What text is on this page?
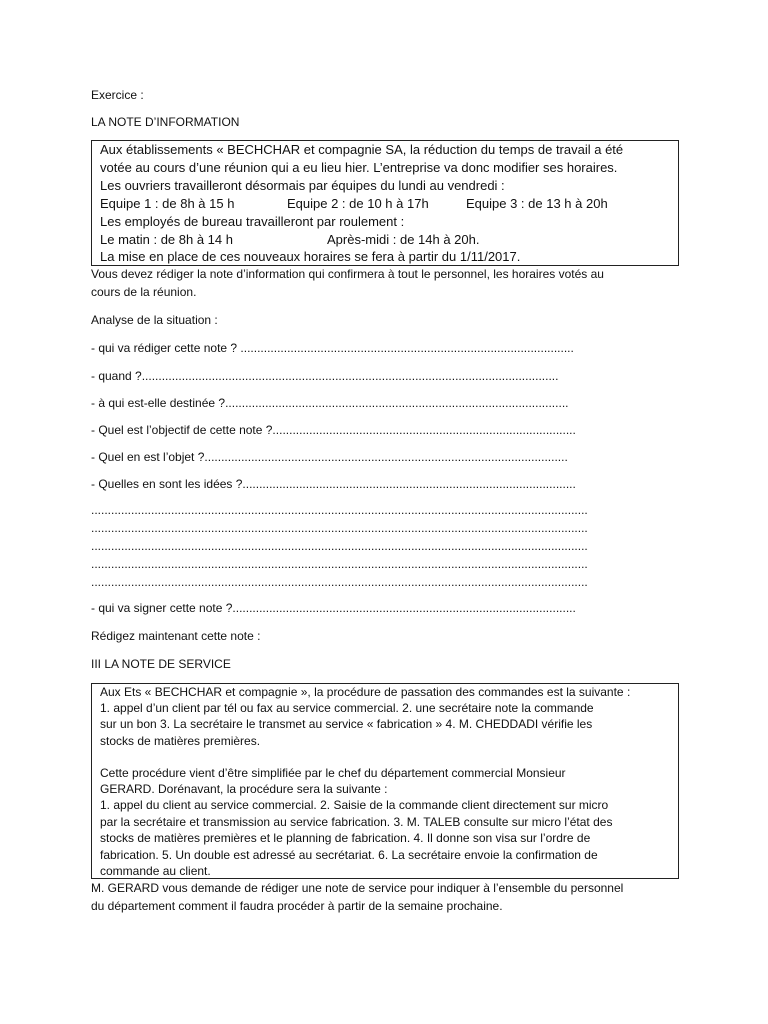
Exercice :
LA NOTE D’INFORMATION
Aux établissements « BECHCHAR et compagnie SA, la réduction du temps de travail a été
votée au cours d’une réunion qui a eu lieu hier. L’entreprise va donc modifier ses horaires.
Les ouvriers travailleront désormais par équipes du lundi au vendredi :
Equipe 1 : de 8h à 15 h	Equipe 2 : de 10 h à 17h	Equipe 3 : de 13 h à 20h
Les employés de bureau travailleront par roulement :
Le matin : de 8h à 14 h	Après-midi : de 14h à 20h.
La mise en place de ces nouveaux horaires se fera à partir du 1/11/2017.
Vous devez rédiger la note d’information qui confirmera à tout le personnel, les horaires votés au
cours de la réunion.
Analyse de la situation :
- qui va rédiger cette note ? ....................................................................................................
- quand ?.............................................................................................................................
- à qui est-elle destinée ?.......................................................................................................
- Quel est l’objectif de cette note ?...........................................................................................
- Quel en est l’objet ?.............................................................................................................
- Quelles en sont les idées ?....................................................................................................
.....................................................................................................................................................
.....................................................................................................................................................
.....................................................................................................................................................
.....................................................................................................................................................
.....................................................................................................................................................
- qui va signer cette note ?.......................................................................................................
Rédigez maintenant cette note :
III LA NOTE DE SERVICE
Aux Ets « BECHCHAR et compagnie », la procédure de passation des commandes est la suivante :
1. appel d’un client par tél ou fax au service commercial. 2. une secrétaire note la commande
sur un bon 3. La secrétaire le transmet au service « fabrication » 4. M. CHEDDADI vérifie les
stocks de matières premières.
Cette procédure vient d’être simplifiée par le chef du département commercial Monsieur
GERARD. Dorénavant, la procédure sera la suivante :
1. appel du client au service commercial. 2. Saisie de la commande client directement sur micro
par la secrétaire et transmission au service fabrication. 3. M. TALEB consulte sur micro l’état des
stocks de matières premières et le planning de fabrication. 4. Il donne son visa sur l’ordre de
fabrication. 5. Un double est adressé au secrétariat. 6. La secrétaire envoie la confirmation de
commande au client.
M. GERARD vous demande de rédiger une note de service pour indiquer à l’ensemble du personnel
du département comment il faudra procéder à partir de la semaine prochaine.
